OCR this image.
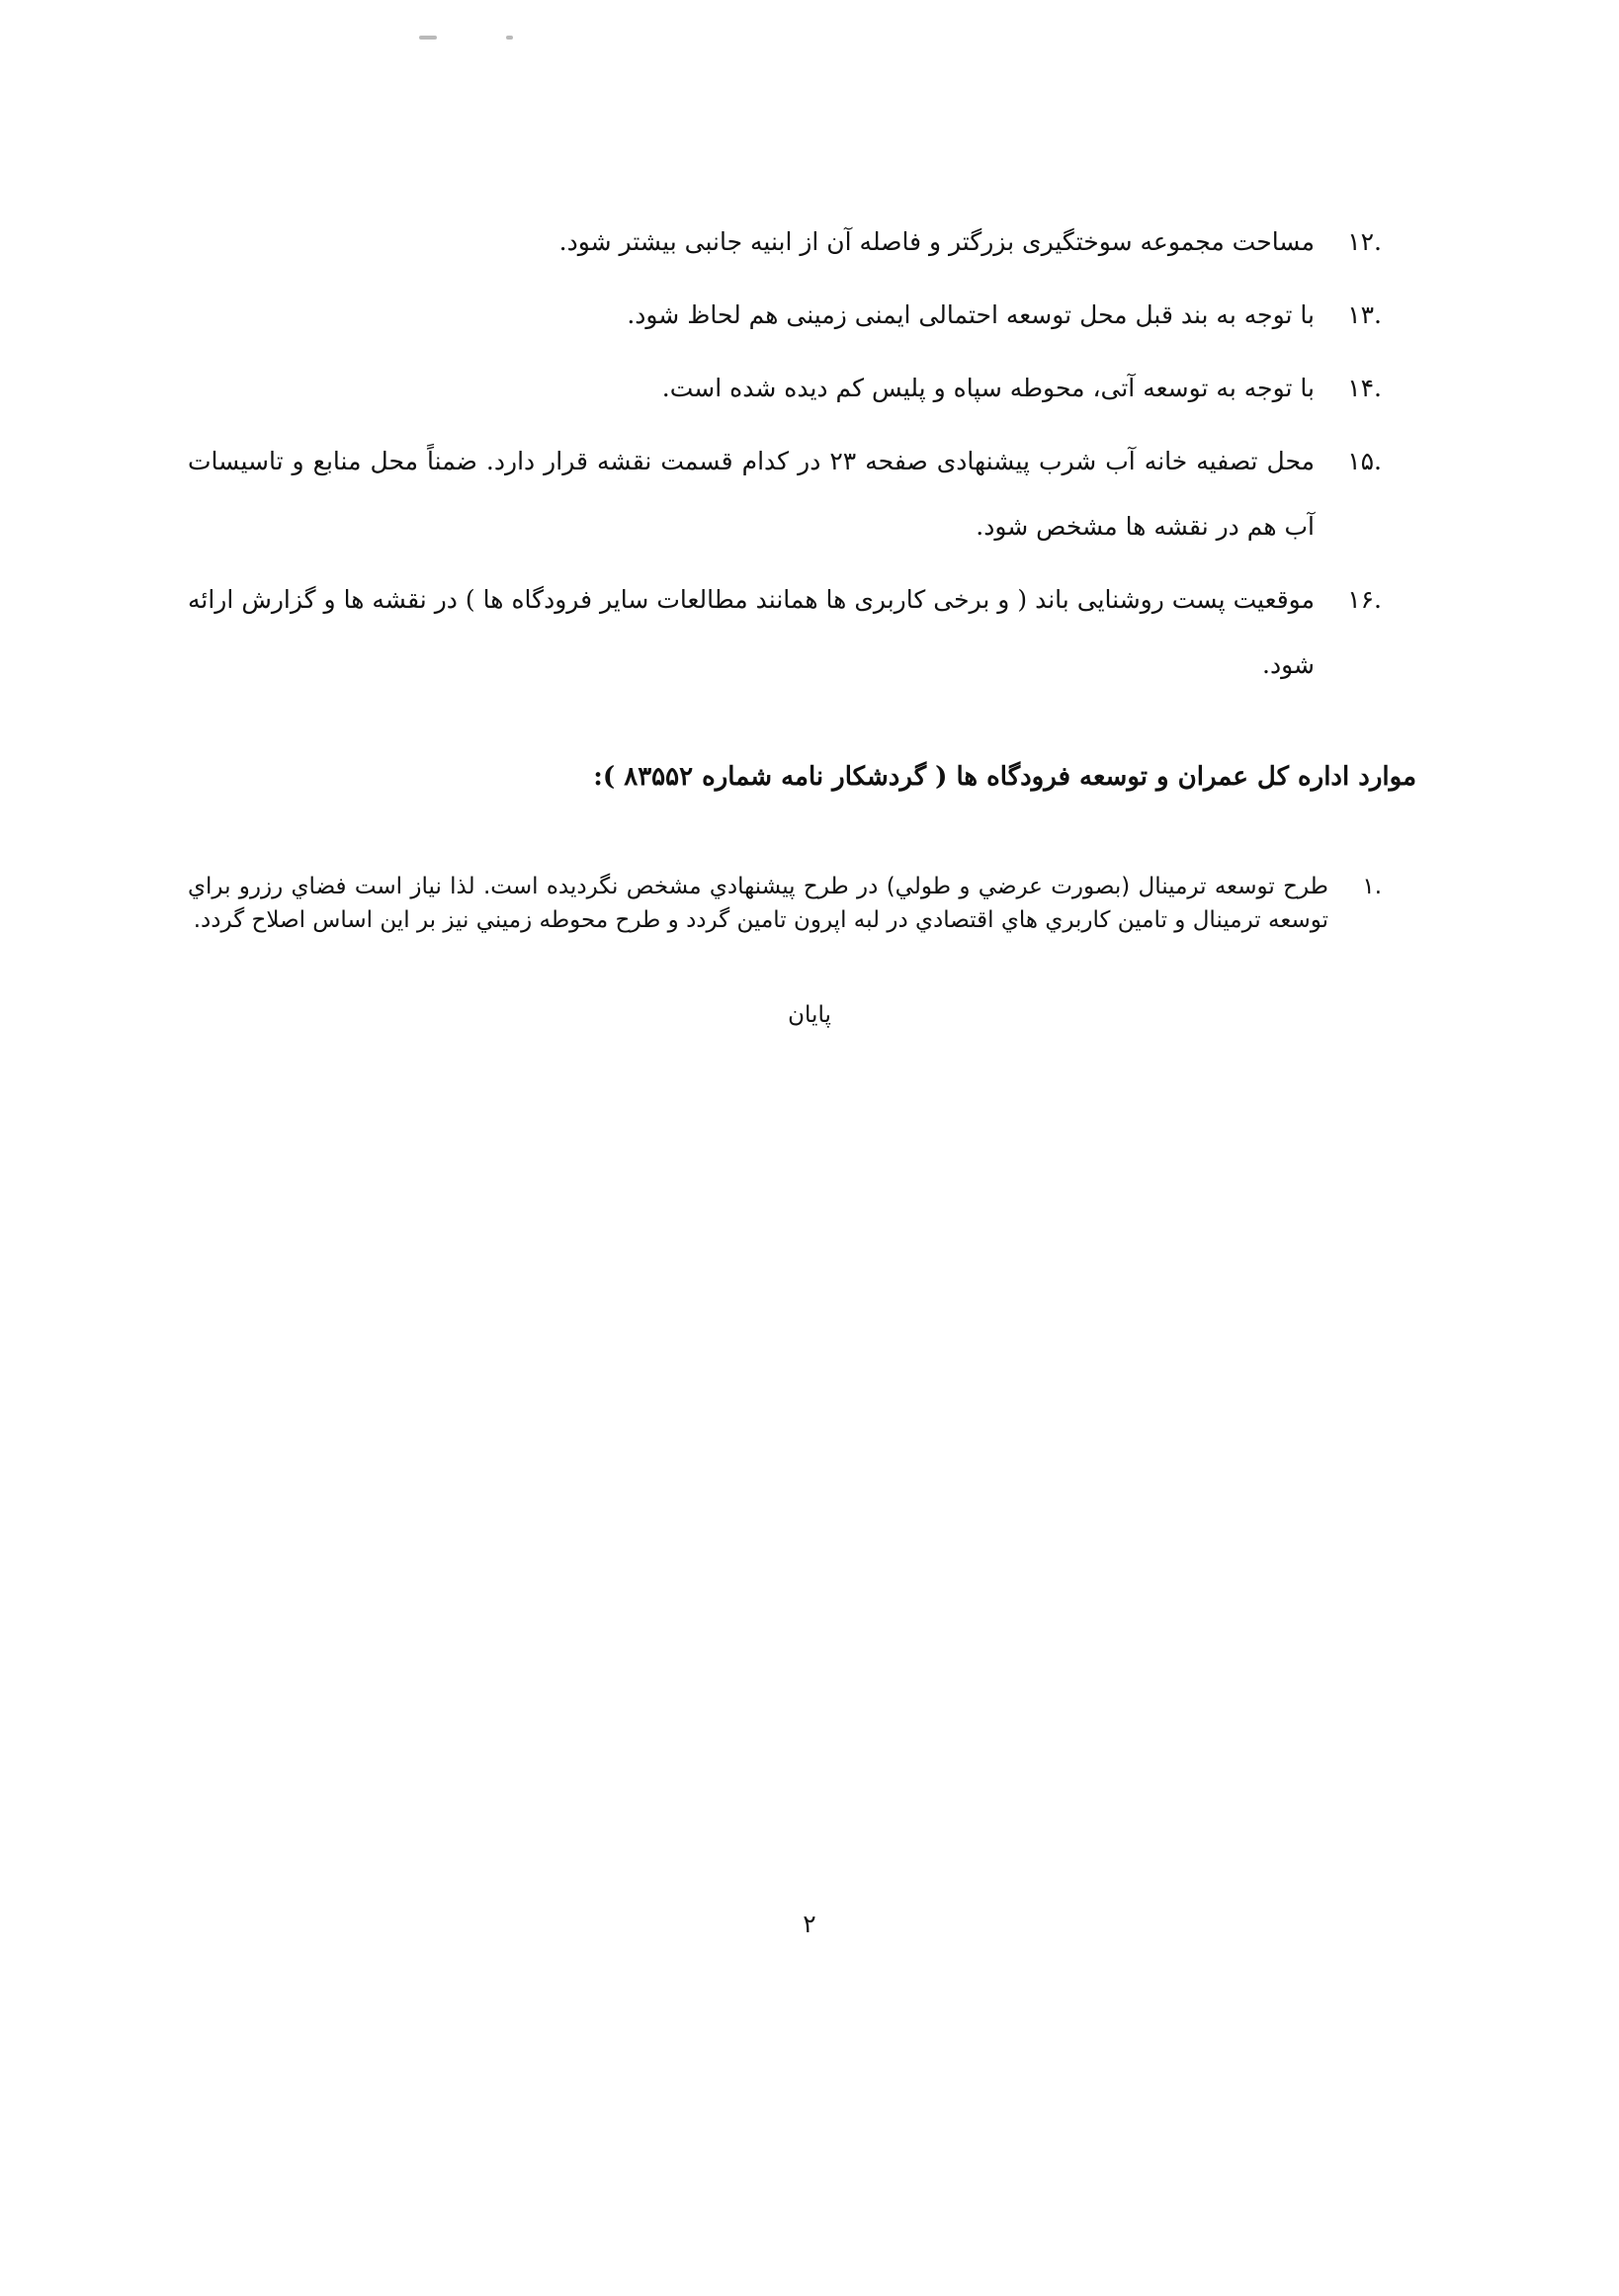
.۱۲
مساحت مجموعه سوختگیری بزرگتر و فاصله آن از ابنیه جانبی بیشتر شود.
.۱۳
با توجه به بند قبل محل توسعه احتمالی ایمنی زمینی هم لحاظ شود.
.۱۴
با توجه به توسعه آتی، محوطه سپاه و پلیس کم دیده شده است.
.۱۵
محل تصفیه خانه آب شرب پیشنهادی صفحه ۲۳ در کدام قسمت نقشه قرار دارد. ضمناً محل منابع و تاسیسات آب هم در نقشه ها مشخص شود.
.۱۶
موقعیت پست روشنایی باند ( و برخی کاربری ها همانند مطالعات سایر فرودگاه ها ) در نقشه ها و گزارش ارائه شود.
موارد اداره کل عمران و توسعه فرودگاه ها ( گردشکار نامه شماره ۸۳۵۵۲ ):
.۱
طرح توسعه ترمينال (بصورت عرضي و طولي) در طرح پيشنهادي مشخص نگرديده است. لذا نياز است فضاي رزرو براي توسعه ترمينال و تامين كاربري هاي اقتصادي در لبه اپرون تامين گردد و طرح محوطه زميني نيز بر اين اساس اصلاح گردد.
پایان
۲
